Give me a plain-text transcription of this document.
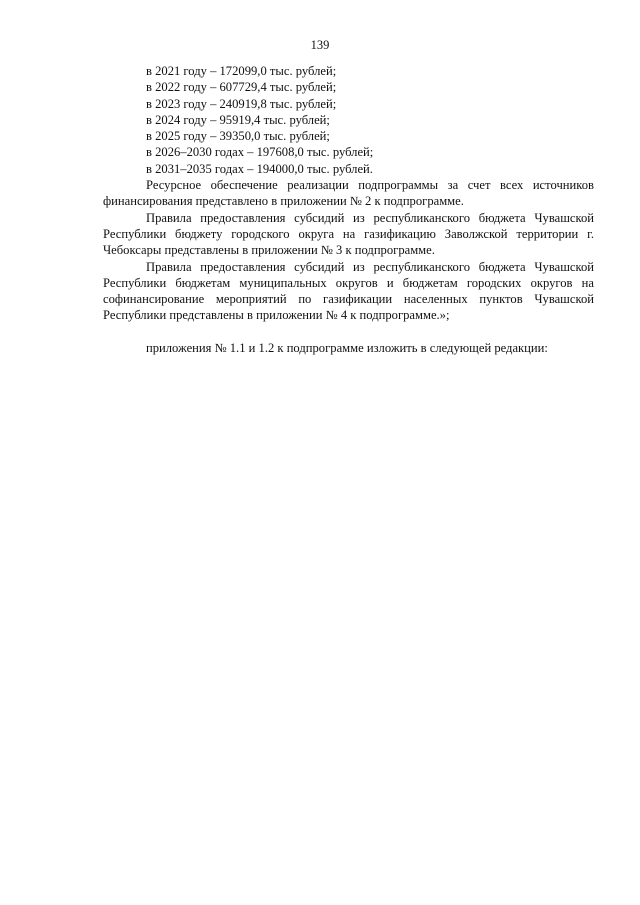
139
в 2021 году – 172099,0 тыс. рублей;
в 2022 году – 607729,4 тыс. рублей;
в 2023 году – 240919,8 тыс. рублей;
в 2024 году – 95919,4 тыс. рублей;
в 2025 году – 39350,0 тыс. рублей;
в 2026–2030 годах – 197608,0 тыс. рублей;
в 2031–2035 годах – 194000,0 тыс. рублей.
Ресурсное обеспечение реализации подпрограммы за счет всех источников финансирования представлено в приложении № 2 к подпрограмме.
Правила предоставления субсидий из республиканского бюджета Чувашской Республики бюджету городского округа на газификацию Заволжской территории г. Чебоксары представлены в приложении № 3 к подпрограмме.
Правила предоставления субсидий из республиканского бюджета Чувашской Республики бюджетам муниципальных округов и бюджетам городских округов на софинансирование мероприятий по газификации населенных пунктов Чувашской Республики представлены в приложении № 4 к подпрограмме.»;
приложения № 1.1 и 1.2 к подпрограмме изложить в следующей редакции:
